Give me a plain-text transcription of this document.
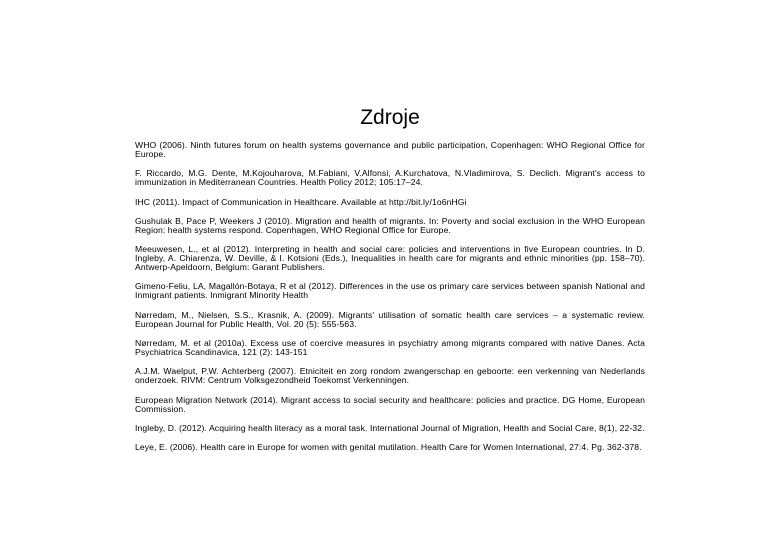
Zdroje
WHO (2006). Ninth futures forum on health systems governance and public participation, Copenhagen: WHO Regional Office for Europe.
F. Riccardo, M.G. Dente, M.Kojouharova, M.Fabiani, V.Alfonsi, A.Kurchatova, N.Vladimirova, S. Declich. Migrant's access to immunization in Mediterranean Countries. Health Policy 2012; 105:17–24.
IHC (2011). Impact of Communication in Healthcare. Available at http://bit.ly/1o6nHGi
Gushulak B, Pace P, Weekers J (2010). Migration and health of migrants. In: Poverty and social exclusion in the WHO European Region: health systems respond. Copenhagen, WHO Regional Office for Europe.
Meeuwesen, L., et al (2012). Interpreting in health and social care: policies and interventions in five European countries. In D. Ingleby, A. Chiarenza, W. Deville, & I. Kotsioni (Eds.), Inequalities in health care for migrants and ethnic minorities (pp. 158–70). Antwerp-Apeldoorn, Belgium: Garant Publishers.
Gimeno-Feliu, LA, Magallón-Botaya, R et al (2012). Differences in the use os primary care services between spanish National and Inmigrant patients. Inmigrant Minority Health
Nørredam, M., Nielsen, S.S., Krasnik, A. (2009). Migrants' utilisation of somatic health care services – a systematic review. European Journal for Public Health, Vol. 20 (5): 555-563.
Nørredam, M. et al (2010a). Excess use of coercive measures in psychiatry among migrants compared with native Danes. Acta Psychiatrica Scandinavica, 121 (2): 143-151
A.J.M. Waelput, P.W. Achterberg (2007). Etniciteit en zorg rondom zwangerschap en geboorte: een verkenning van Nederlands onderzoek. RIVM: Centrum Volksgezondheid Toekomst Verkenningen.
European Migration Network (2014). Migrant access to social security and healthcare: policies and practice. DG Home, European Commission.
Ingleby, D. (2012). Acquiring health literacy as a moral task. International Journal of Migration, Health and Social Care, 8(1), 22-32.
Leye, E. (2006). Health care in Europe for women with genital mutilation. Health Care for Women International, 27:4. Pg. 362-378.
